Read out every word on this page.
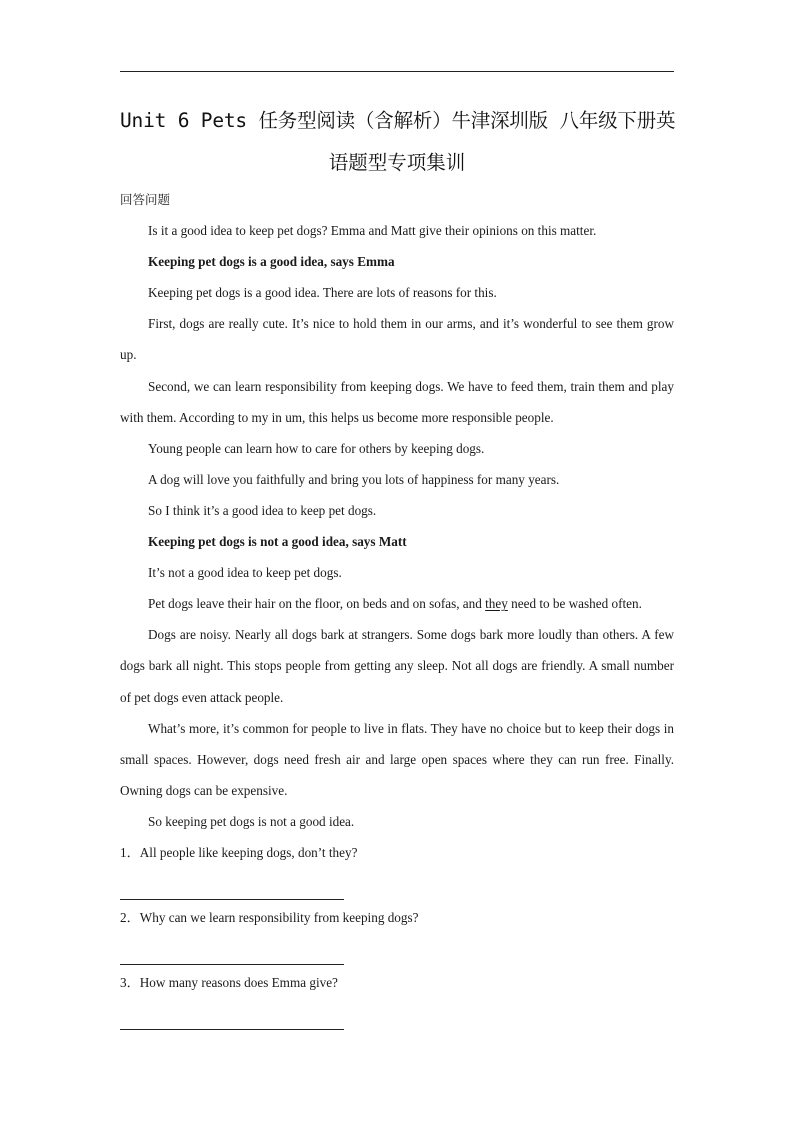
Unit 6 Pets 任务型阅读（含解析）牛津深圳版 八年级下册英
语题型专项集训

回答问题

Is it a good idea to keep pet dogs? Emma and Matt give their opinions on this matter.

Keeping pet dogs is a good idea, says Emma

Keeping pet dogs is a good idea. There are lots of reasons for this.

First, dogs are really cute. It’s nice to hold them in our arms, and it’s wonderful to see them grow up.

Second, we can learn responsibility from keeping dogs. We have to feed them, train them and play with them. According to my in um, this helps us become more responsible people.

Young people can learn how to care for others by keeping dogs.

A dog will love you faithfully and bring you lots of happiness for many years.

So I think it’s a good idea to keep pet dogs.

Keeping pet dogs is not a good idea, says Matt

It’s not a good idea to keep pet dogs.

Pet dogs leave their hair on the floor, on beds and on sofas, and they need to be washed often.

Dogs are noisy. Nearly all dogs bark at strangers. Some dogs bark more loudly than others. A few dogs bark all night. This stops people from getting any sleep. Not all dogs are friendly. A small number of pet dogs even attack people.

What’s more, it’s common for people to live in flats. They have no choice but to keep their dogs in small spaces. However, dogs need fresh air and large open spaces where they can run free. Finally. Owning dogs can be expensive.

So keeping pet dogs is not a good idea.

1．All people like keeping dogs, don’t they?

2．Why can we learn responsibility from keeping dogs?

3．How many reasons does Emma give?
